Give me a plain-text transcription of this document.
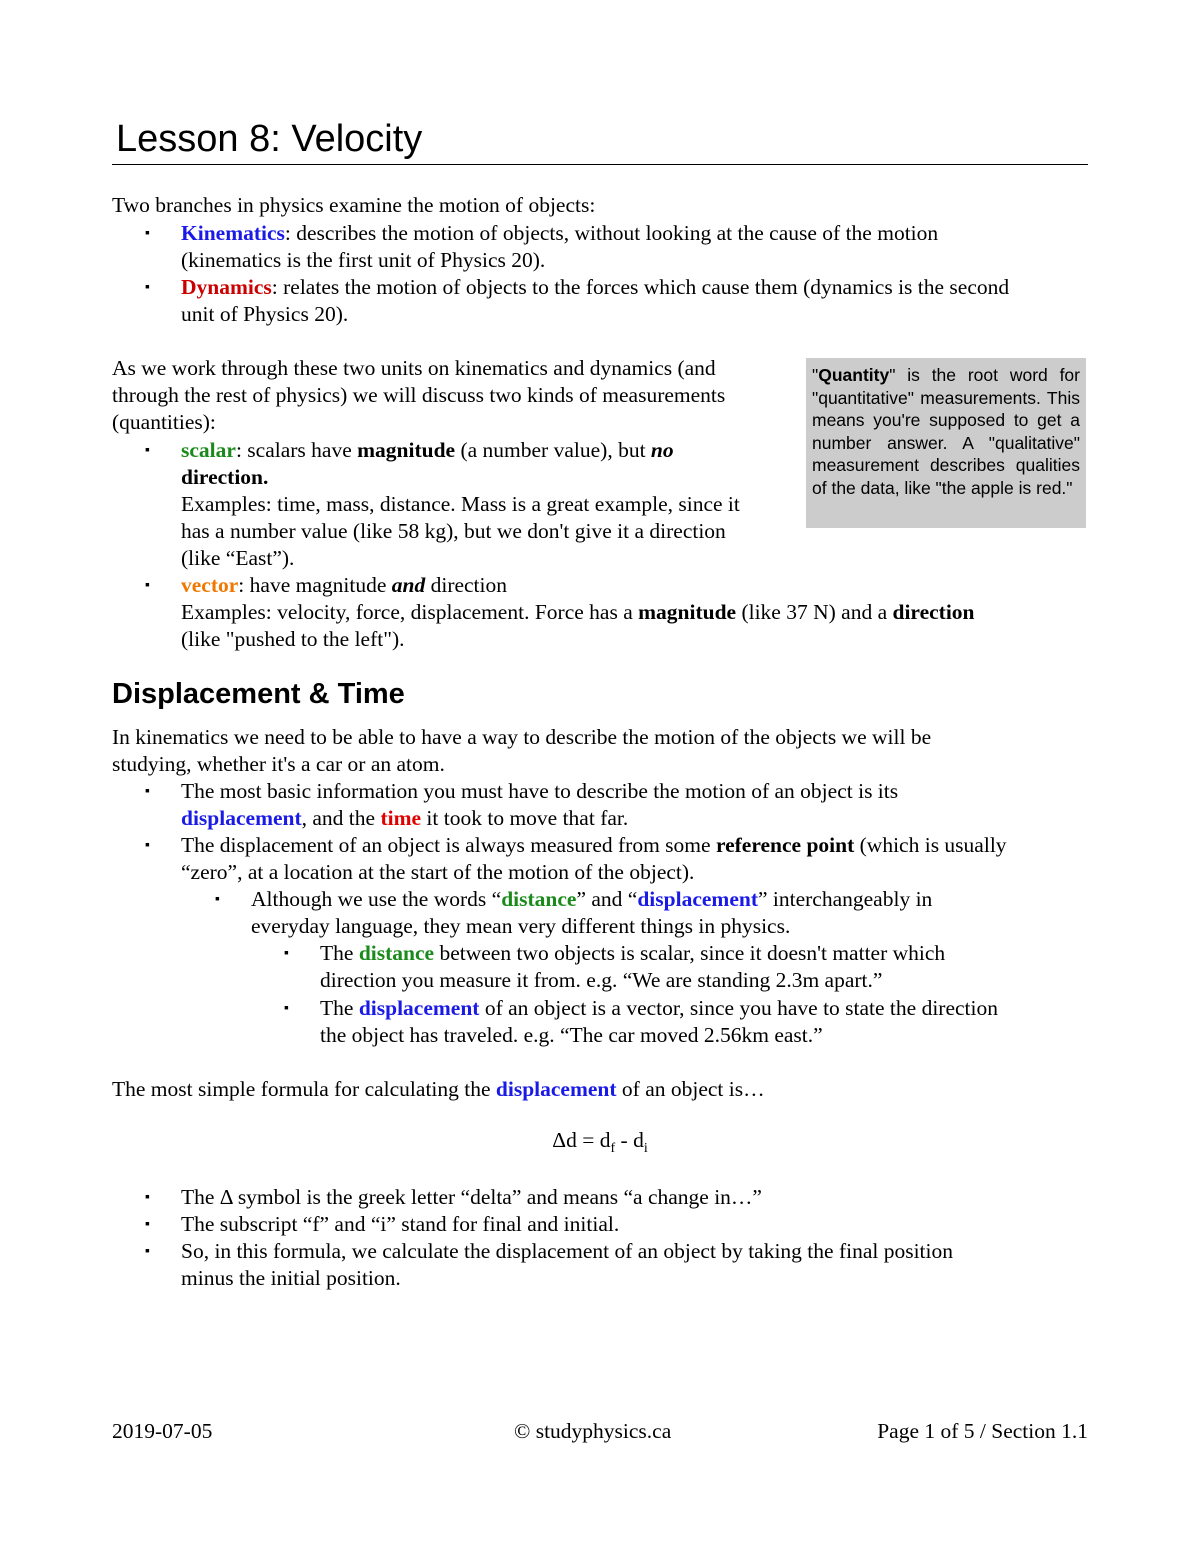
Lesson 8: Velocity

Two branches in physics examine the motion of objects:

▪ Kinematics: describes the motion of objects, without looking at the cause of the motion

(kinematics is the first unit of Physics 20).

▪ Dynamics: relates the motion of objects to the forces which cause them (dynamics is the second

unit of Physics 20).

As we work through these two units on kinematics and dynamics (and

through the rest of physics) we will discuss two kinds of measurements

(quantities):

▪ scalar: scalars have magnitude (a number value), but no

direction.

Examples: time, mass, distance. Mass is a great example, since it

has a number value (like 58 kg), but we don't give it a direction

(like “East”).

▪ vector: have magnitude and direction

Examples: velocity, force, displacement. Force has a magnitude (like 37 N) and a direction

(like "pushed to the left").

"Quantity" is the root word for "quantitative" measurements. This means you're supposed to get a number answer. A "qualitative" measurement describes qualities of the data, like "the apple is red."

Displacement & Time

In kinematics we need to be able to have a way to describe the motion of the objects we will be

studying, whether it's a car or an atom.

▪ The most basic information you must have to describe the motion of an object is its

displacement, and the time it took to move that far.

▪ The displacement of an object is always measured from some reference point (which is usually

“zero”, at a location at the start of the motion of the object).

▪ Although we use the words “distance” and “displacement” interchangeably in

everyday language, they mean very different things in physics.

▪ The distance between two objects is scalar, since it doesn't matter which

direction you measure it from. e.g. “We are standing 2.3m apart.”

▪ The displacement of an object is a vector, since you have to state the direction

the object has traveled. e.g. “The car moved 2.56km east.”

The most simple formula for calculating the displacement of an object is…

$\Delta d = d_f - d_i$
▪ The Δ symbol is the greek letter “delta” and means “a change in…”

▪ The subscript “f” and “i” stand for final and initial.

▪ So, in this formula, we calculate the displacement of an object by taking the final position

minus the initial position.

2019-07-05	© studyphysics.ca	Page 1 of 5 / Section 1.1
